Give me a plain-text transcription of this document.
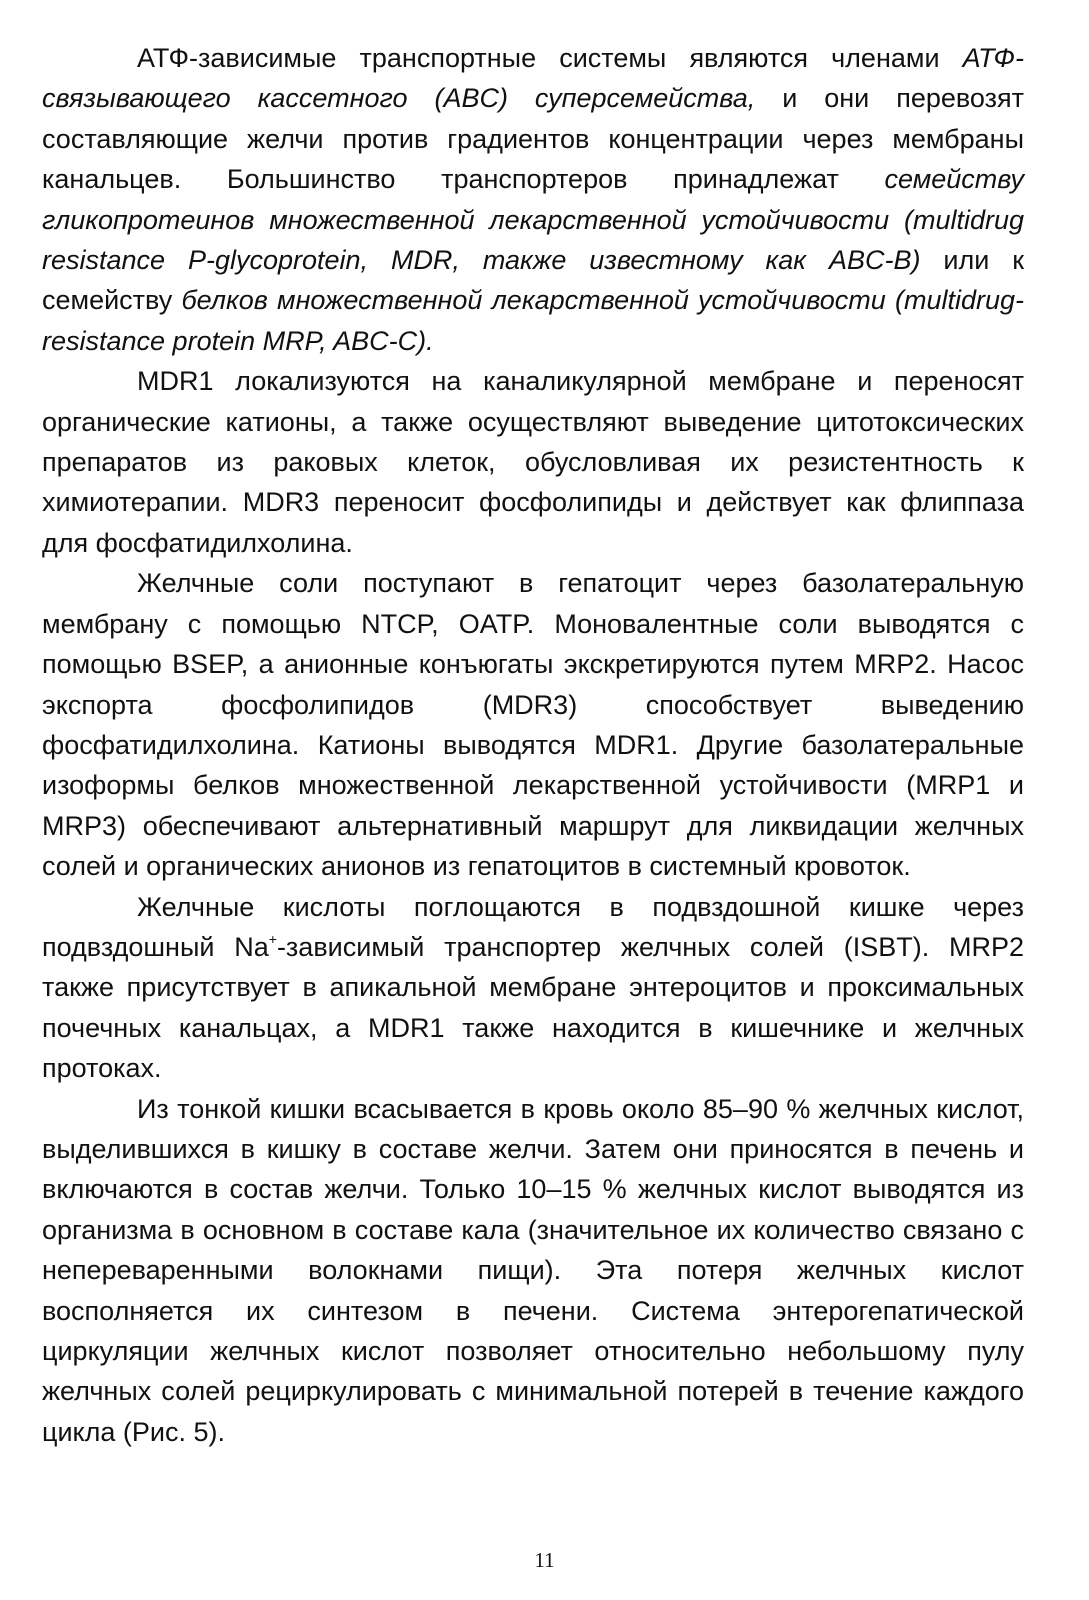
АТФ-зависимые транспортные системы являются членами АТФ-связывающего кассетного (ABC) суперсемейства, и они перевозят составляющие желчи против градиентов концентрации через мембраны канальцев. Большинство транспортеров принадлежат семейству гликопротеинов множественной лекарственной устойчивости (multidrug resistance P-glycoprotein, MDR, также известному как ABC-B) или к семейству белков множественной лекарственной устойчивости (multidrug-resistance protein MRP, ABC-C).

MDR1 локализуются на каналикулярной мембране и переносят органические катионы, а также осуществляют выведение цитотоксических препаратов из раковых клеток, обусловливая их резистентность к химиотерапии. MDR3 переносит фосфолипиды и действует как флиппаза для фосфатидилхолина.

Желчные соли поступают в гепатоцит через базолатеральную мембрану с помощью NTCP, OATP. Моновалентные соли выводятся с помощью BSEP, а анионные конъюгаты экскретируются путем MRP2. Насос экспорта фосфолипидов (MDR3) способствует выведению фосфатидилхолина. Катионы выводятся MDR1. Другие базолатеральные изоформы белков множественной лекарственной устойчивости (MRP1 и MRP3) обеспечивают альтернативный маршрут для ликвидации желчных солей и органических анионов из гепатоцитов в системный кровоток.

Желчные кислоты поглощаются в подвздошной кишке через подвздошный Na+-зависимый транспортер желчных солей (ISBT). MRP2 также присутствует в апикальной мембране энтероцитов и проксимальных почечных канальцах, а MDR1 также находится в кишечнике и желчных протоках.

Из тонкой кишки всасывается в кровь около 85–90 % желчных кислот, выделившихся в кишку в составе желчи. Затем они приносятся в печень и включаются в состав желчи. Только 10–15 % желчных кислот выводятся из организма в основном в составе кала (значительное их количество связано с непереваренными волокнами пищи). Эта потеря желчных кислот восполняется их синтезом в печени. Система энтерогепатической циркуляции желчных кислот позволяет относительно небольшому пулу желчных солей рециркулировать с минимальной потерей в течение каждого цикла (Рис. 5).

11
